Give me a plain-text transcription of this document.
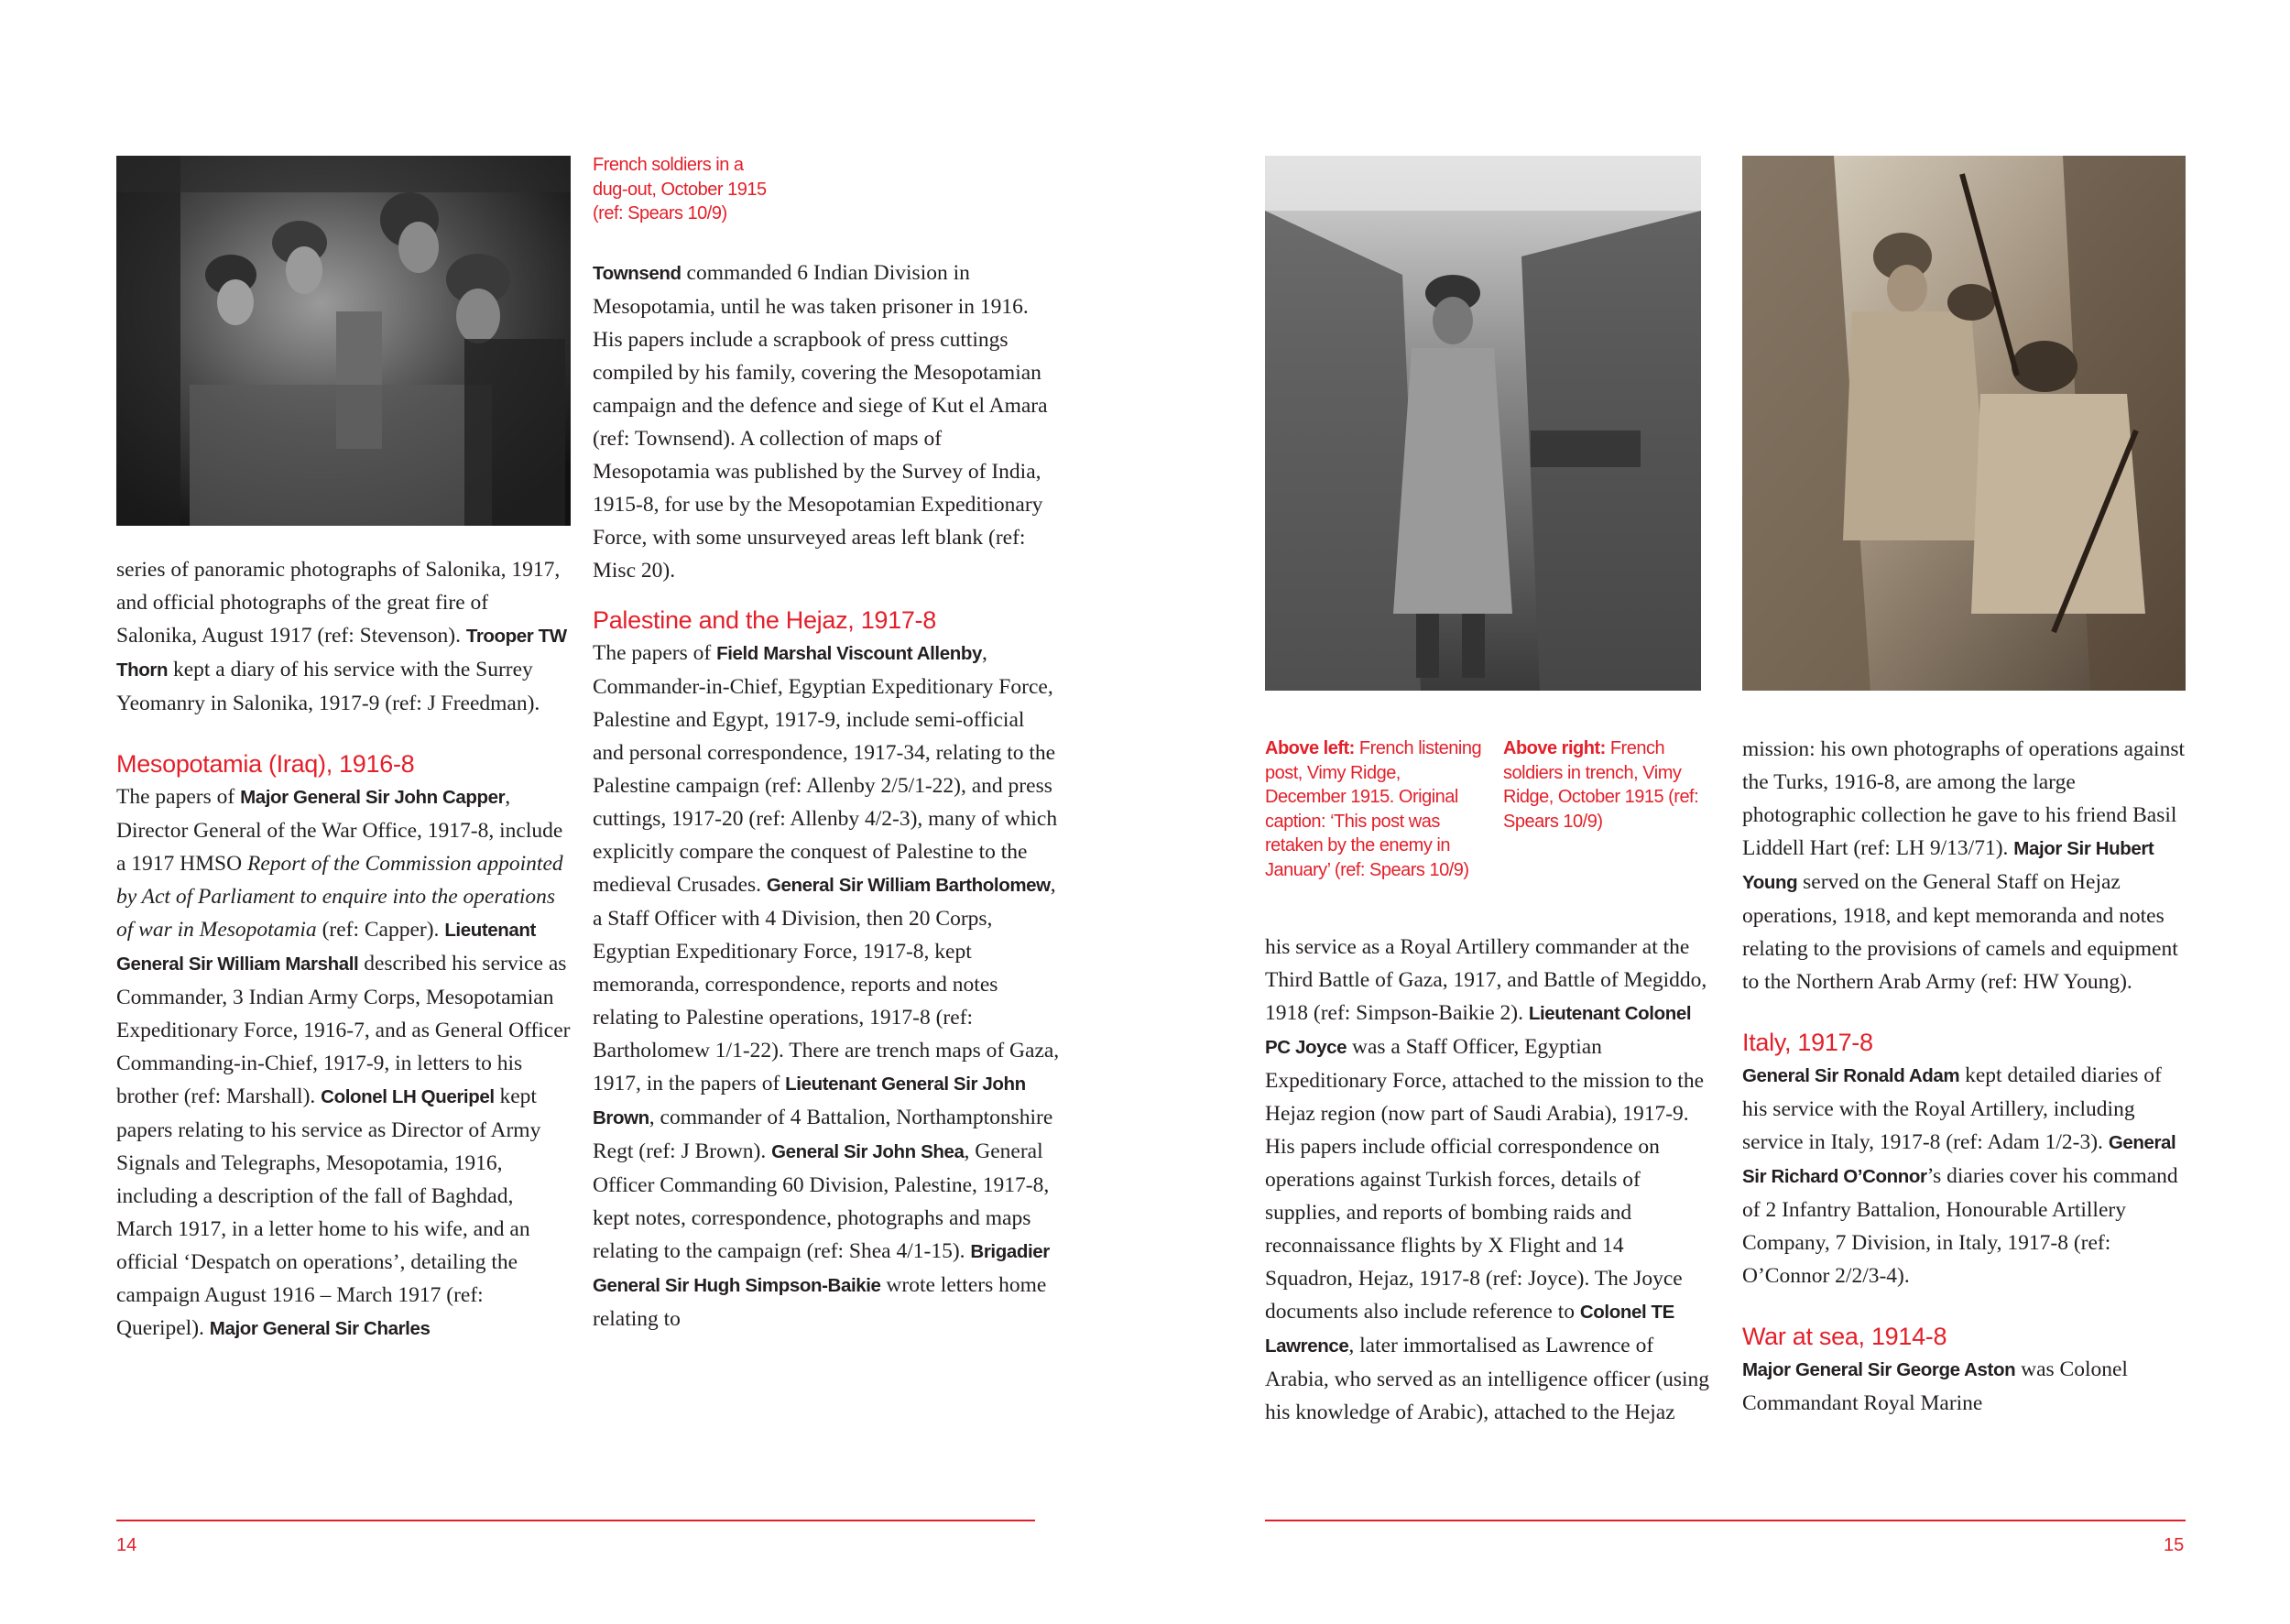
French soldiers in a
dug-out, October 1915
(ref: Spears 10/9)

series of panoramic photographs of Salonika, 1917, and official photographs of the great fire of Salonika, August 1917 (ref: Stevenson). Trooper TW Thorn kept a diary of his service with the Surrey Yeomanry in Salonika, 1917-9 (ref: J Freedman).

Mesopotamia (Iraq), 1916-8

The papers of Major General Sir John Capper, Director General of the War Office, 1917-8, include a 1917 HMSO Report of the Commission appointed by Act of Parliament to enquire into the operations of war in Mesopotamia (ref: Capper). Lieutenant General Sir William Marshall described his service as Commander, 3 Indian Army Corps, Mesopotamian Expeditionary Force, 1916-7, and as General Officer Commanding-in-Chief, 1917-9, in letters to his brother (ref: Marshall). Colonel LH Queripel kept papers relating to his service as Director of Army Signals and Telegraphs, Mesopotamia, 1916, including a description of the fall of Baghdad, March 1917, in a letter home to his wife, and an official ‘Despatch on operations’, detailing the campaign August 1916 – March 1917 (ref: Queripel). Major General Sir Charles

Townsend commanded 6 Indian Division in Mesopotamia, until he was taken prisoner in 1916. His papers include a scrapbook of press cuttings compiled by his family, covering the Mesopotamian campaign and the defence and siege of Kut el Amara (ref: Townsend). A collection of maps of Mesopotamia was published by the Survey of India, 1915-8, for use by the Mesopotamian Expeditionary Force, with some unsurveyed areas left blank (ref: Misc 20).

Palestine and the Hejaz, 1917-8

The papers of Field Marshal Viscount Allenby, Commander-in-Chief, Egyptian Expeditionary Force, Palestine and Egypt, 1917-9, include semi-official and personal correspondence, 1917-34, relating to the Palestine campaign (ref: Allenby 2/5/1-22), and press cuttings, 1917-20 (ref: Allenby 4/2-3), many of which explicitly compare the conquest of Palestine to the medieval Crusades. General Sir William Bartholomew, a Staff Officer with 4 Division, then 20 Corps, Egyptian Expeditionary Force, 1917-8, kept memoranda, correspondence, reports and notes relating to Palestine operations, 1917-8 (ref: Bartholomew 1/1-22). There are trench maps of Gaza, 1917, in the papers of Lieutenant General Sir John Brown, commander of 4 Battalion, Northamptonshire Regt (ref: J Brown). General Sir John Shea, General Officer Commanding 60 Division, Palestine, 1917-8, kept notes, correspondence, photographs and maps relating to the campaign (ref: Shea 4/1-15). Brigadier General Sir Hugh Simpson-Baikie wrote letters home relating to

14
Above left: French listening post, Vimy Ridge, December 1915. Original caption: ‘This post was retaken by the enemy in January’ (ref: Spears 10/9)
Above right: French soldiers in trench, Vimy Ridge, October 1915 (ref: Spears 10/9)

his service as a Royal Artillery commander at the Third Battle of Gaza, 1917, and Battle of Megiddo, 1918 (ref: Simpson-Baikie 2). Lieutenant Colonel PC Joyce was a Staff Officer, Egyptian Expeditionary Force, attached to the mission to the Hejaz region (now part of Saudi Arabia), 1917-9. His papers include official correspondence on operations against Turkish forces, details of supplies, and reports of bombing raids and reconnaissance flights by X Flight and 14 Squadron, Hejaz, 1917-8 (ref: Joyce). The Joyce documents also include reference to Colonel TE Lawrence, later immortalised as Lawrence of Arabia, who served as an intelligence officer (using his knowledge of Arabic), attached to the Hejaz

mission: his own photographs of operations against the Turks, 1916-8, are among the large photographic collection he gave to his friend Basil Liddell Hart (ref: LH 9/13/71). Major Sir Hubert Young served on the General Staff on Hejaz operations, 1918, and kept memoranda and notes relating to the provisions of camels and equipment to the Northern Arab Army (ref: HW Young).

Italy, 1917-8

General Sir Ronald Adam kept detailed diaries of his service with the Royal Artillery, including service in Italy, 1917-8 (ref: Adam 1/2-3). General Sir Richard O’Connor’s diaries cover his command of 2 Infantry Battalion, Honourable Artillery Company, 7 Division, in Italy, 1917-8 (ref: O’Connor 2/2/3-4).

War at sea, 1914-8

Major General Sir George Aston was Colonel Commandant Royal Marine

15
